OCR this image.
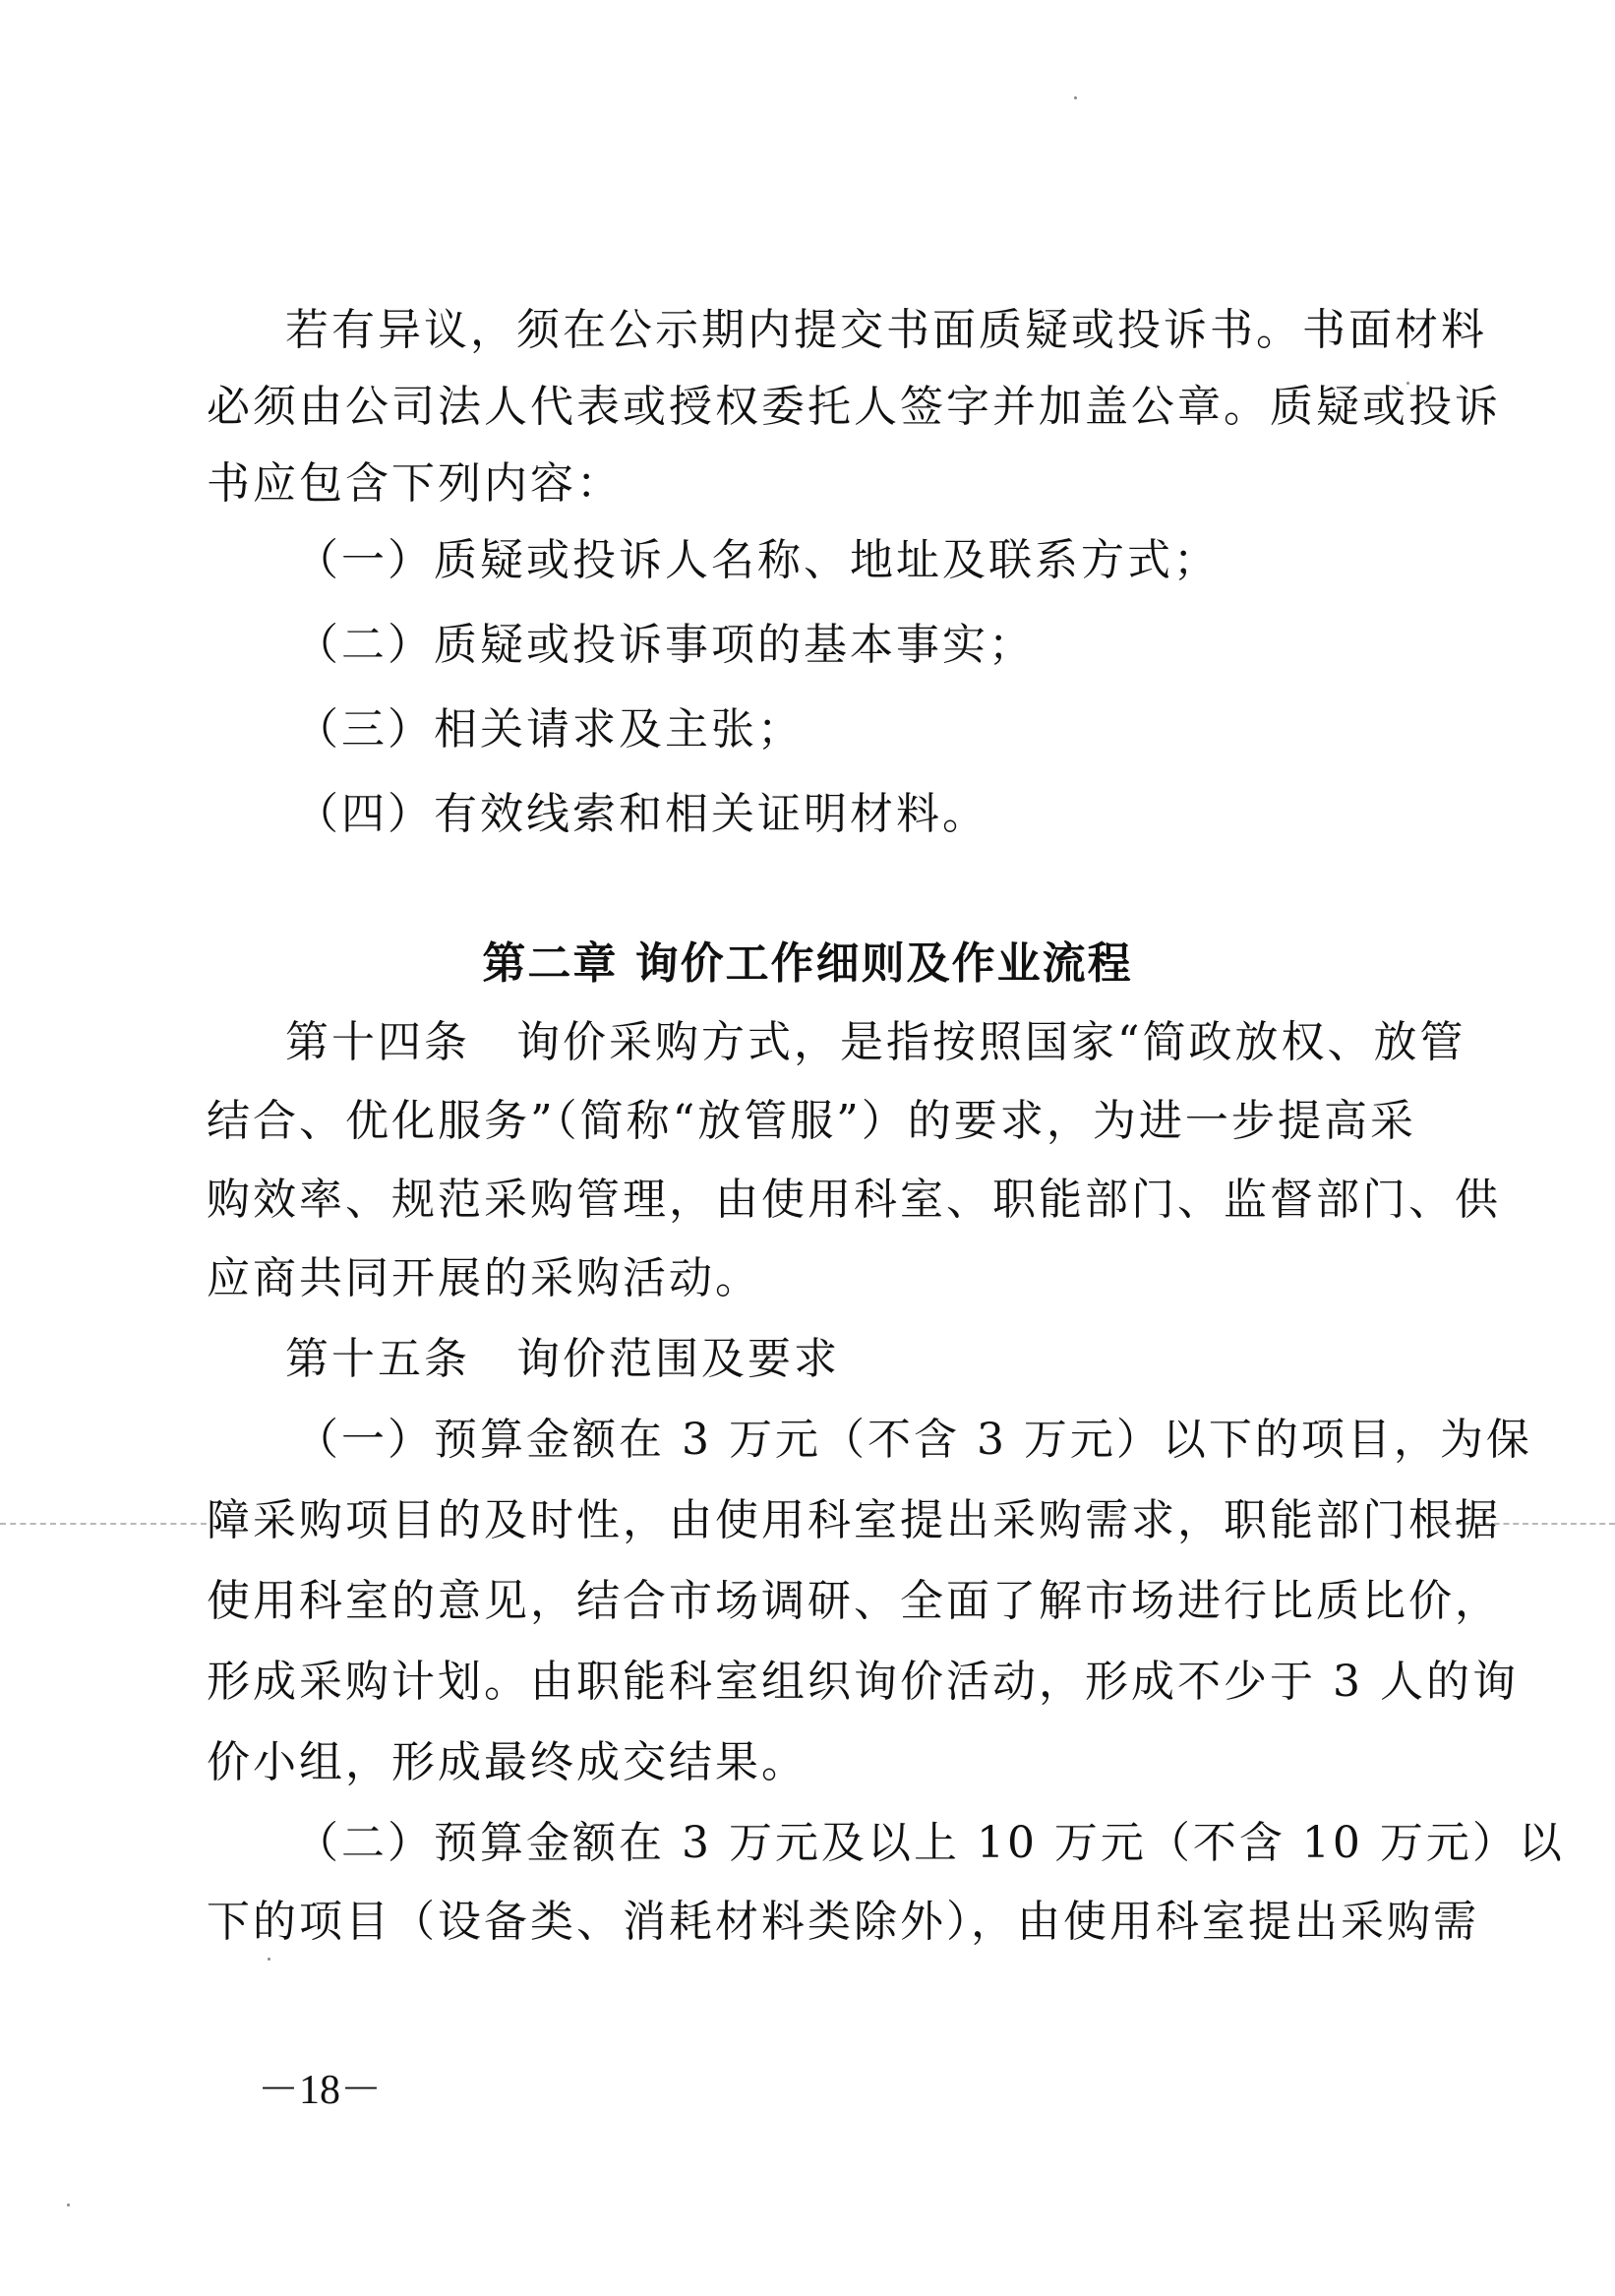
若有异议，须在公示期内提交书面质疑或投诉书。书面材料
必须由公司法人代表或授权委托人签字并加盖公章。质疑或投诉
书应包含下列内容：
（一）质疑或投诉人名称、地址及联系方式；
（二）质疑或投诉事项的基本事实；
（三）相关请求及主张；
（四）有效线索和相关证明材料。
第二章 询价工作细则及作业流程
第十四条　询价采购方式，是指按照国家“简政放权、放管
结合、优化服务”（简称“放管服”）的要求，为进一步提高采
购效率、规范采购管理，由使用科室、职能部门、监督部门、供
应商共同开展的采购活动。
第十五条　询价范围及要求
（一）预算金额在 3 万元（不含 3 万元）以下的项目，为保
障采购项目的及时性，由使用科室提出采购需求，职能部门根据
使用科室的意见，结合市场调研、全面了解市场进行比质比价，
形成采购计划。由职能科室组织询价活动，形成不少于 3 人的询
价小组，形成最终成交结果。
（二）预算金额在 3 万元及以上 10 万元（不含 10 万元）以
下的项目（设备类、消耗材料类除外），由使用科室提出采购需
－18－
